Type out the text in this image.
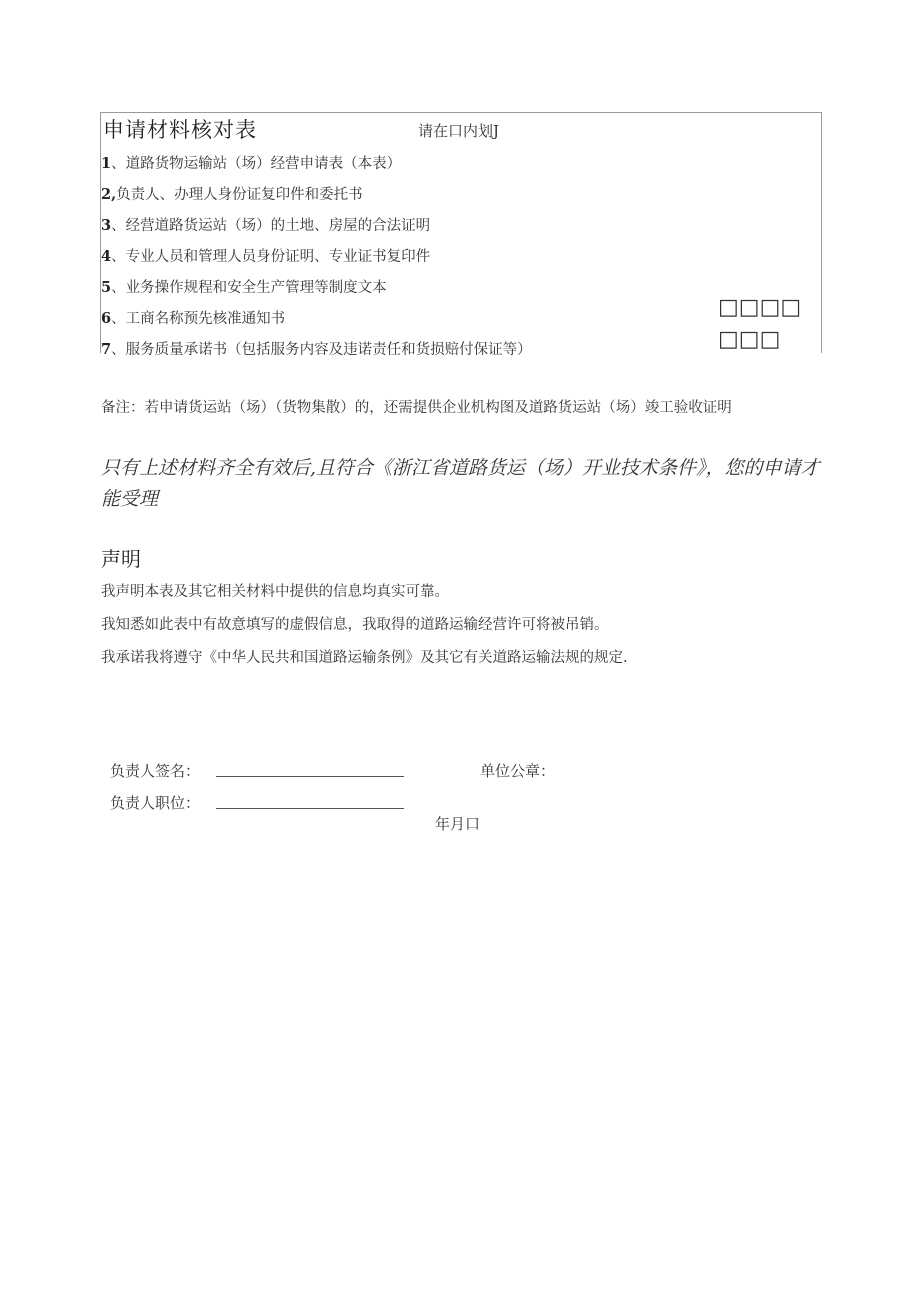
申请材料核对表	请在口内划J
1、道路货物运输站（场）经营申请表（本表）
2,负责人、办理人身份证复印件和委托书
3、经营道路货运站（场）的土地、房屋的合法证明
4、专业人员和管理人员身份证明、专业证书复印件
5、业务操作规程和安全生产管理等制度文本
6、工商名称预先核准通知书
7、服务质量承诺书（包括服务内容及违诺责任和货损赔付保证等）
□□□□
□□□
备注：若申请货运站（场）（货物集散）的，还需提供企业机构图及道路货运站（场）竣工验收证明
只有上述材料齐全有效后,且符合《浙江省道路货运（场）开业技术条件》，您的申请才
能受理
声明
我声明本表及其它相关材料中提供的信息均真实可靠。
我知悉如此表中有故意填写的虚假信息，我取得的道路运输经营许可将被吊销。
我承诺我将遵守《中华人民共和国道路运输条例》及其它有关道路运输法规的规定.
负责人签名：	单位公章：
负责人职位：
年月口
